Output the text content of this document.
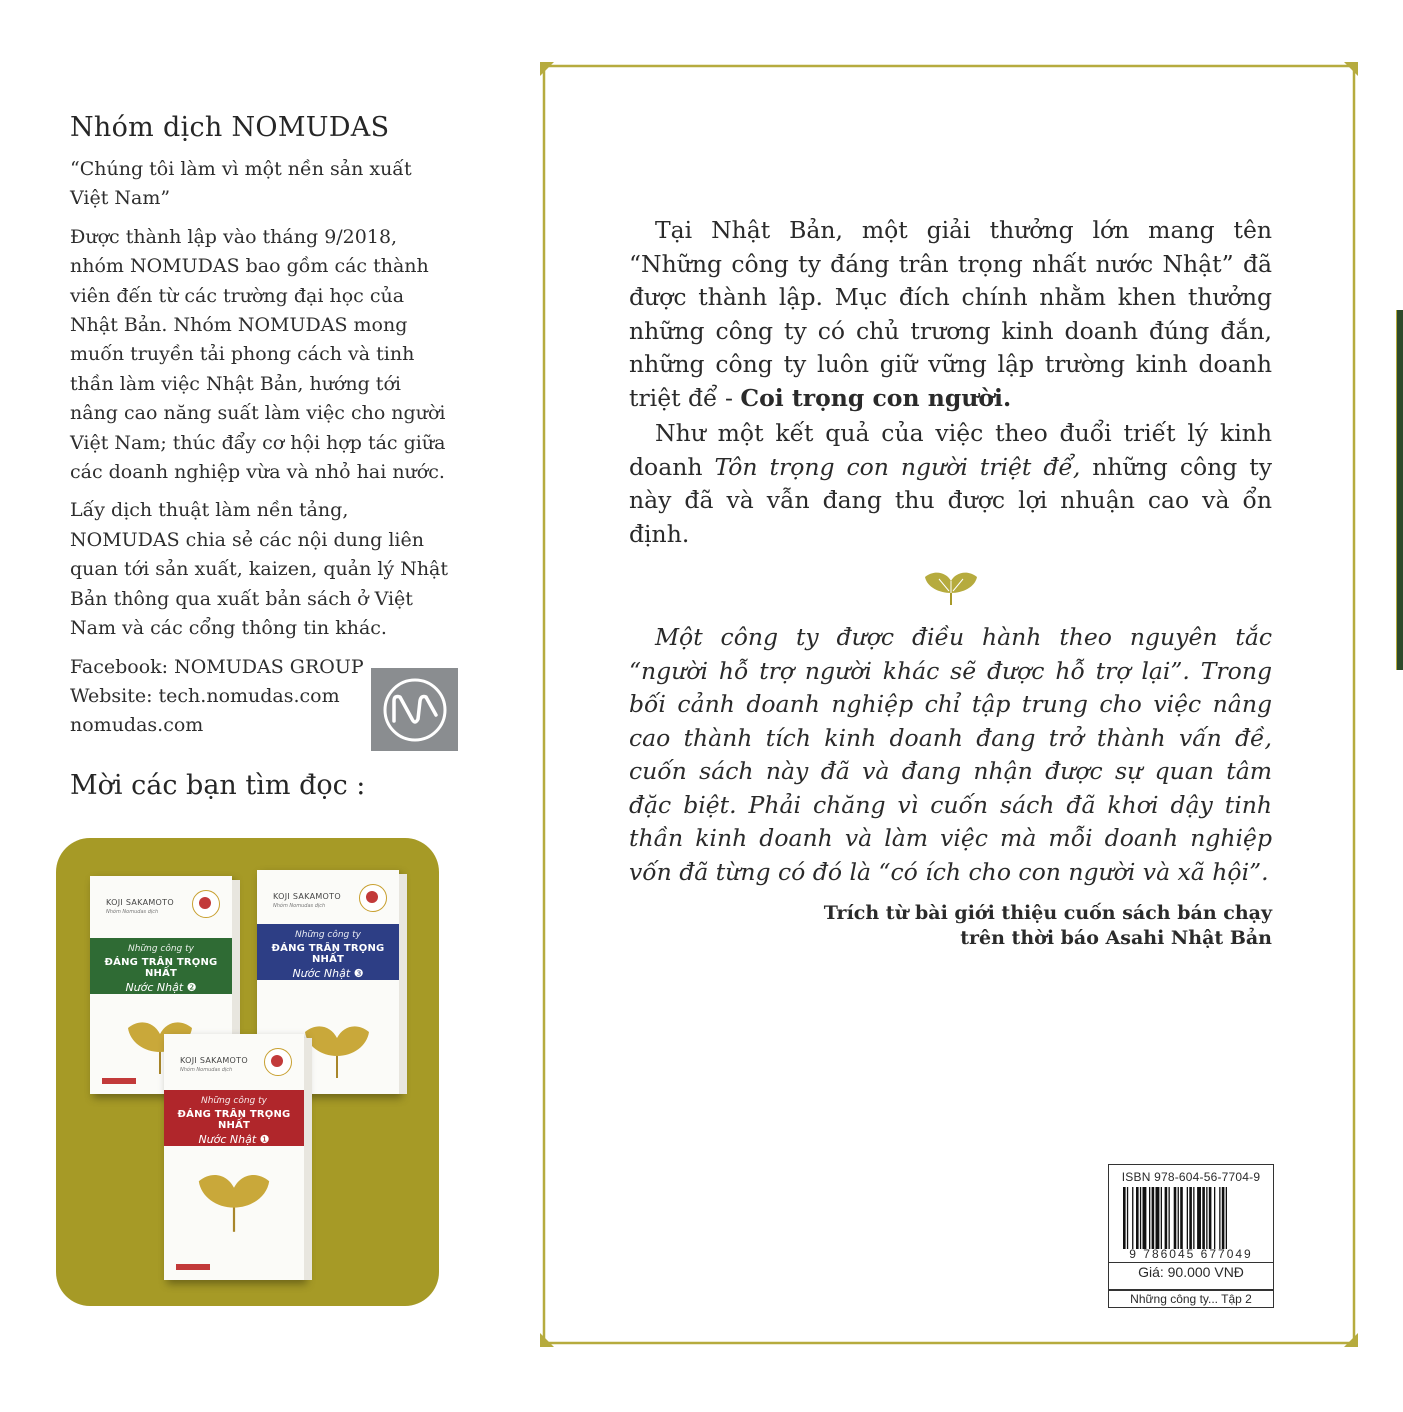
Nhóm dịch NOMUDAS

“Chúng tôi làm vì một nền sản xuất Việt Nam”

Được thành lập vào tháng 9/2018, nhóm NOMUDAS bao gồm các thành viên đến từ các trường đại học của Nhật Bản. Nhóm NOMUDAS mong muốn truyền tải phong cách và tinh thần làm việc Nhật Bản, hướng tới nâng cao năng suất làm việc cho người Việt Nam; thúc đẩy cơ hội hợp tác giữa các doanh nghiệp vừa và nhỏ hai nước.

Lấy dịch thuật làm nền tảng, NOMUDAS chia sẻ các nội dung liên quan tới sản xuất, kaizen, quản lý Nhật Bản thông qua xuất bản sách ở Việt Nam và các cổng thông tin khác.

Facebook: NOMUDAS GROUP
Website: tech.nomudas.com
nomudas.com
Mời các bạn tìm đọc :
KOJI SAKAMOTO
Nhóm Nomudas dịch
Những công ty
ĐÁNG TRÂN TRỌNG NHẤT
Nước Nhật ❷
KOJI SAKAMOTO
Nhóm Nomudas dịch
Những công ty
ĐÁNG TRÂN TRỌNG NHẤT
Nước Nhật ❸
KOJI SAKAMOTO
Nhóm Nomudas dịch
Những công ty
ĐÁNG TRÂN TRỌNG NHẤT
Nước Nhật ❶

Tại Nhật Bản, một giải thưởng lớn mang tên “Những công ty đáng trân trọng nhất nước Nhật” đã được thành lập. Mục đích chính nhằm khen thưởng những công ty có chủ trương kinh doanh đúng đắn, những công ty luôn giữ vững lập trường kinh doanh triệt để - Coi trọng con người.

Như một kết quả của việc theo đuổi triết lý kinh doanh Tôn trọng con người triệt để, những công ty này đã và vẫn đang thu được lợi nhuận cao và ổn định.

Một công ty được điều hành theo nguyên tắc “người hỗ trợ người khác sẽ được hỗ trợ lại”. Trong bối cảnh doanh nghiệp chỉ tập trung cho việc nâng cao thành tích kinh doanh đang trở thành vấn đề, cuốn sách này đã và đang nhận được sự quan tâm đặc biệt. Phải chăng vì cuốn sách đã khơi dậy tinh thần kinh doanh và làm việc mà mỗi doanh nghiệp vốn đã từng có đó là “có ích cho con người và xã hội”.

Trích từ bài giới thiệu cuốn sách bán chạy
trên thời báo Asahi Nhật Bản
ISBN 978-604-56-7704-9
9 786045 677049
Giá: 90.000 VNĐ
Những công ty... Tập 2
